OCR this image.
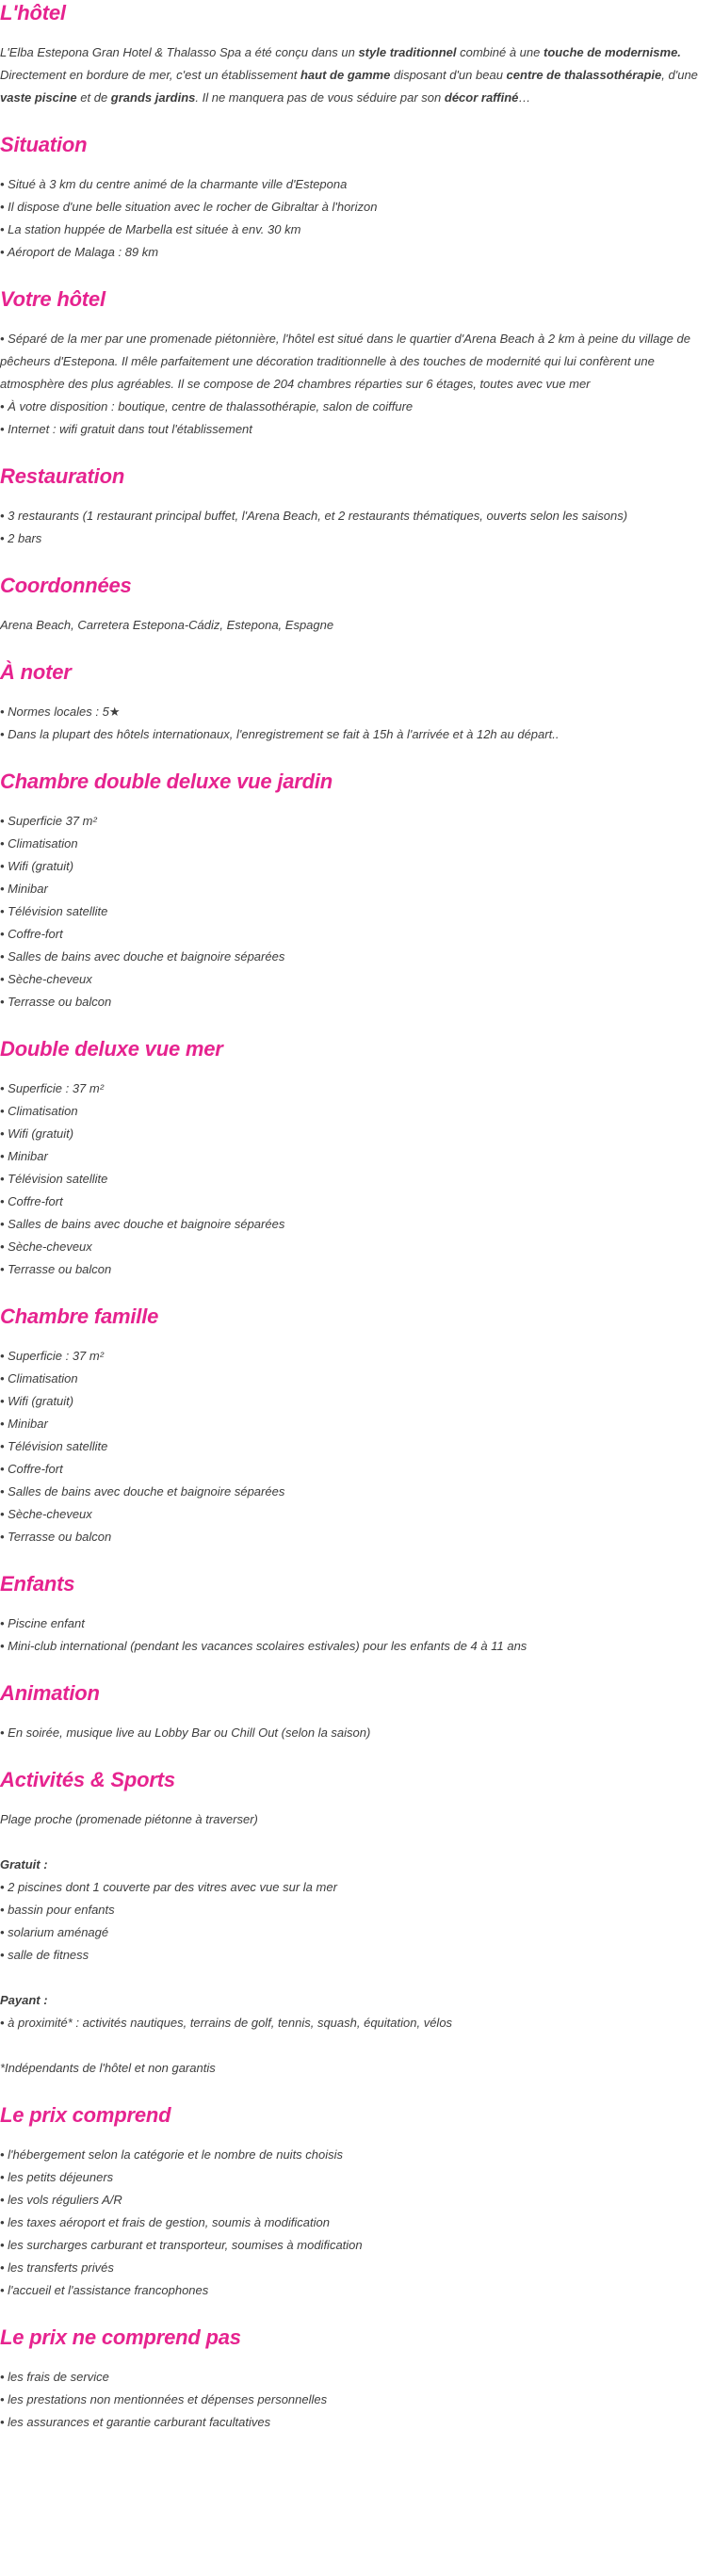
L'hôtel

L'Elba Estepona Gran Hotel & Thalasso Spa a été conçu dans un style traditionnel combiné à une touche de modernisme. Directement en bordure de mer, c'est un établissement haut de gamme disposant d'un beau centre de thalassothérapie, d'une vaste piscine et de grands jardins. Il ne manquera pas de vous séduire par son décor raffiné…

Situation
• Situé à 3 km du centre animé de la charmante ville d'Estepona
• Il dispose d'une belle situation avec le rocher de Gibraltar à l'horizon
• La station huppée de Marbella est située à env. 30 km
• Aéroport de Malaga : 89 km
Votre hôtel
• Séparé de la mer par une promenade piétonnière, l'hôtel est situé dans le quartier d'Arena Beach à 2 km à peine du village de pêcheurs d'Estepona. Il mêle parfaitement une décoration traditionnelle à des touches de modernité qui lui confèrent une atmosphère des plus agréables. Il se compose de 204 chambres réparties sur 6 étages, toutes avec vue mer
• À votre disposition : boutique, centre de thalassothérapie, salon de coiffure
• Internet : wifi gratuit dans tout l'établissement
Restauration
• 3 restaurants (1 restaurant principal buffet, l'Arena Beach, et 2 restaurants thématiques, ouverts selon les saisons)
• 2 bars
Coordonnées

Arena Beach, Carretera Estepona-Cádiz, Estepona, Espagne

À noter
• Normes locales : 5★
• Dans la plupart des hôtels internationaux, l'enregistrement se fait à 15h à l'arrivée et à 12h au départ..
Chambre double deluxe vue jardin
• Superficie 37 m²
• Climatisation
• Wifi (gratuit)
• Minibar
• Télévision satellite
• Coffre-fort
• Salles de bains avec douche et baignoire séparées
• Sèche-cheveux
• Terrasse ou balcon
Double deluxe vue mer
• Superficie : 37 m²
• Climatisation
• Wifi (gratuit)
• Minibar
• Télévision satellite
• Coffre-fort
• Salles de bains avec douche et baignoire séparées
• Sèche-cheveux
• Terrasse ou balcon
Chambre famille
• Superficie : 37 m²
• Climatisation
• Wifi (gratuit)
• Minibar
• Télévision satellite
• Coffre-fort
• Salles de bains avec douche et baignoire séparées
• Sèche-cheveux
• Terrasse ou balcon
Enfants
• Piscine enfant
• Mini-club international (pendant les vacances scolaires estivales) pour les enfants de 4 à 11 ans
Animation
• En soirée, musique live au Lobby Bar ou Chill Out (selon la saison)
Activités & Sports

Plage proche (promenade piétonne à traverser)

Gratuit :
• 2 piscines dont 1 couverte par des vitres avec vue sur la mer
• bassin pour enfants
• solarium aménagé
• salle de fitness
Payant :
• à proximité* : activités nautiques, terrains de golf, tennis, squash, équitation, vélos

*Indépendants de l'hôtel et non garantis

Le prix comprend
• l'hébergement selon la catégorie et le nombre de nuits choisis
• les petits déjeuners
• les vols réguliers A/R
• les taxes aéroport et frais de gestion, soumis à modification
• les surcharges carburant et transporteur, soumises à modification
• les transferts privés
• l'accueil et l'assistance francophones
Le prix ne comprend pas
• les frais de service
• les prestations non mentionnées et dépenses personnelles
• les assurances et garantie carburant facultatives
